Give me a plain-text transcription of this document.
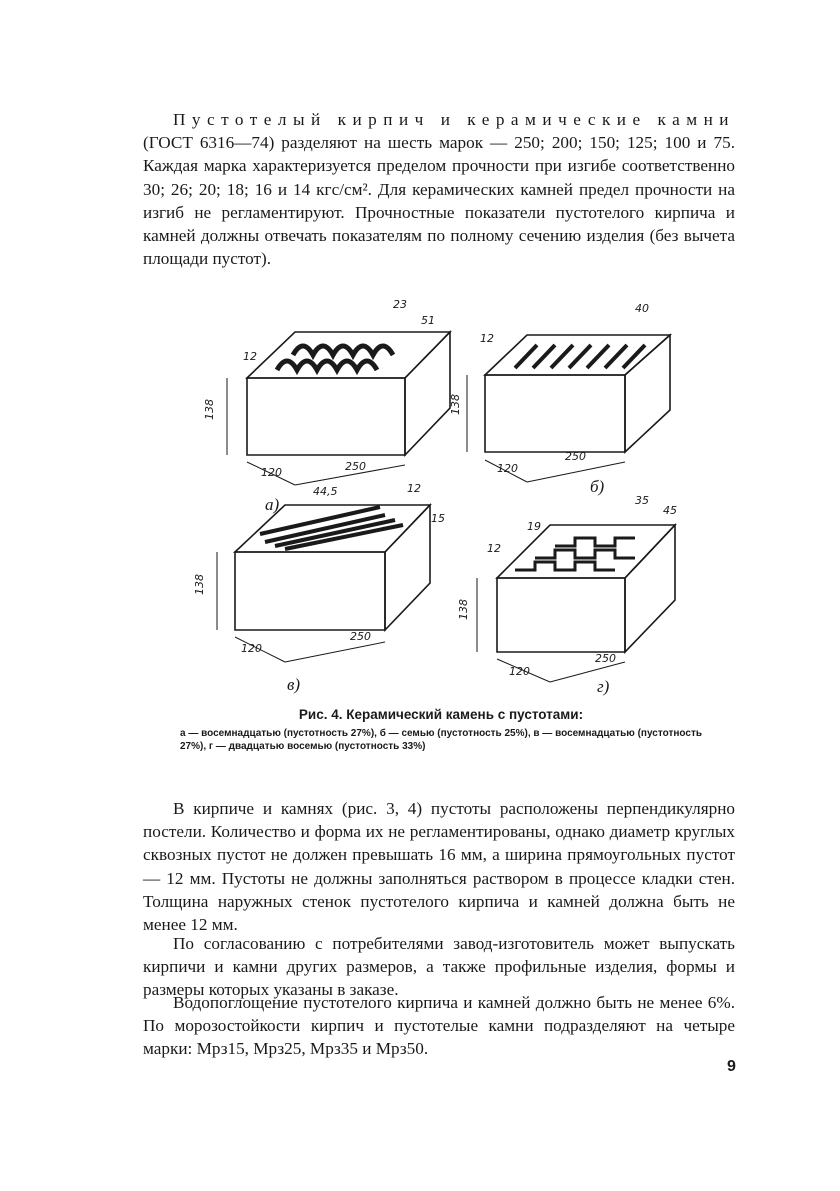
Пустотелый кирпич и керамические камни (ГОСТ 6316—74) разделяют на шесть марок — 250; 200; 150; 125; 100 и 75. Каждая марка характеризуется пределом прочности при изгибе соответственно 30; 26; 20; 18; 16 и 14 кгс/см². Для керамических камней предел прочности на изгиб не регламентируют. Прочностные показатели пустотелого кирпича и камней должны отвечать показателям по полному сечению изделия (без вычета площади пустот).

138
120	250
12
23
51
а)
138
120
250
12
40
б)
138
120
250
44,5	12
15
в)
138
120
250
12
19
35
45
г)

Рис. 4. Керамический камень с пустотами:

а — восемнадцатью (пустотность 27%), б — семью (пустотность 25%), в — восемнадцатью (пустотность 27%), г — двадцатью восемью (пустотность 33%)

В кирпиче и камнях (рис. 3, 4) пустоты расположены перпендикулярно постели. Количество и форма их не регламентированы, однако диаметр круглых сквозных пустот не должен превышать 16 мм, а ширина прямоугольных пустот — 12 мм. Пустоты не должны заполняться раствором в процессе кладки стен. Толщина наружных стенок пустотелого кирпича и камней должна быть не менее 12 мм.

По согласованию с потребителями завод-изготовитель может выпускать кирпичи и камни других размеров, а также профильные изделия, формы и размеры которых указаны в заказе.

Водопоглощение пустотелого кирпича и камней должно быть не менее 6%. По морозостойкости кирпич и пустотелые камни подразделяют на четыре марки: Мрз15, Мрз25, Мрз35 и Мрз50.

9
